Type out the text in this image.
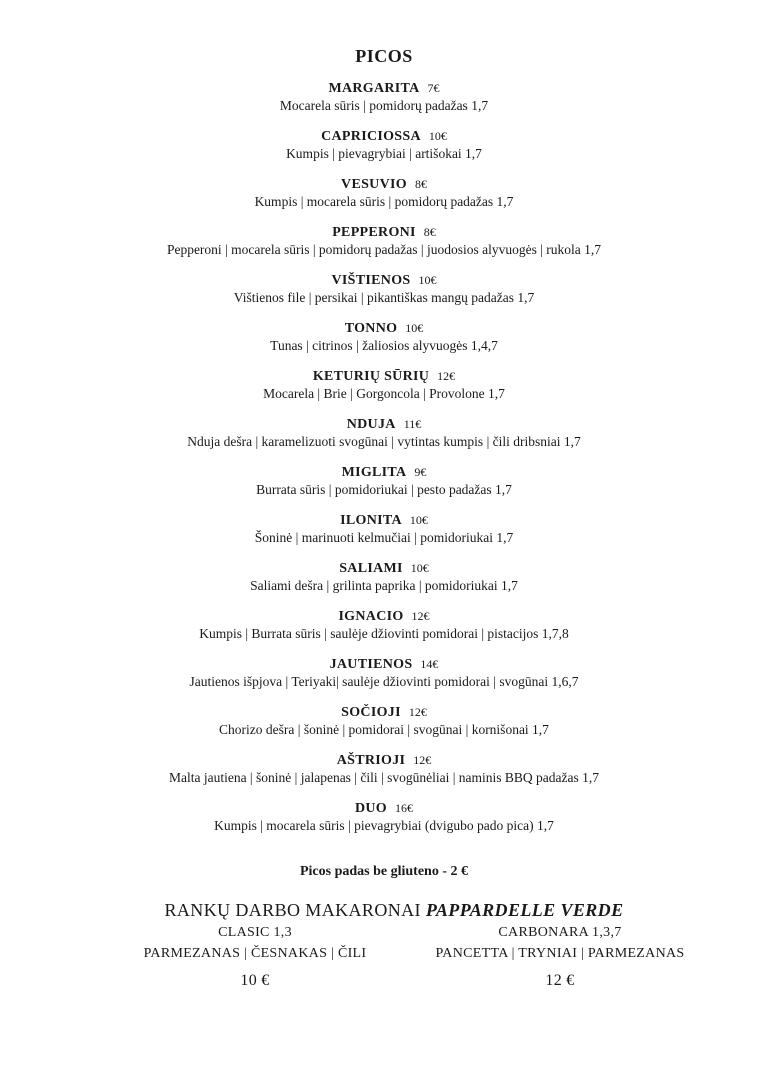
PICOS
MARGARITA 7€
Mocarela sūris | pomidorų padažas 1,7
CAPRICIOSSA 10€
Kumpis | pievagrybiai | artišokai 1,7
VESUVIO 8€
Kumpis | mocarela sūris | pomidorų padažas 1,7
PEPPERONI 8€
Pepperoni | mocarela sūris | pomidorų padažas | juodosios alyvuogės | rukola 1,7
VIŠTIENOS 10€
Vištienos file | persikai | pikantiškas mangų padažas 1,7
TONNO 10€
Tunas | citrinos | žaliosios alyvuogės 1,4,7
KETURIŲ SŪRIŲ 12€
Mocarela | Brie | Gorgoncola | Provolone 1,7
NDUJA 11€
Nduja dešra | karamelizuoti svogūnai | vytintas kumpis | čili dribsniai 1,7
MIGLITA 9€
Burrata sūris | pomidoriukai | pesto padažas 1,7
ILONITA 10€
Šoninė | marinuoti kelmučiai | pomidoriukai 1,7
SALIAMI 10€
Saliami dešra | grilinta paprika | pomidoriukai 1,7
IGNACIO 12€
Kumpis | Burrata sūris | saulėje džiovinti pomidorai | pistacijos 1,7,8
JAUTIENOS 14€
Jautienos išpjova | Teriyaki| saulėje džiovinti pomidorai | svogūnai 1,6,7
SOČIOJI 12€
Chorizo dešra | šoninė | pomidorai | svogūnai | kornišonai 1,7
AŠTRIOJI 12€
Malta jautiena | šoninė | jalapenas | čili | svogūnėliai | naminis BBQ padažas 1,7
DUO 16€
Kumpis | mocarela sūris | pievagrybiai (dvigubo pado pica) 1,7
Picos padas be gliuteno - 2 €
RANKŲ DARBO MAKARONAI PAPPARDELLE VERDE
CLASIC 1,3
PARMEZANAS | ČESNAKAS | ČILI
10 €
CARBONARA 1,3,7
PANCETTA | TRYNIAI | PARMEZANAS
12 €
